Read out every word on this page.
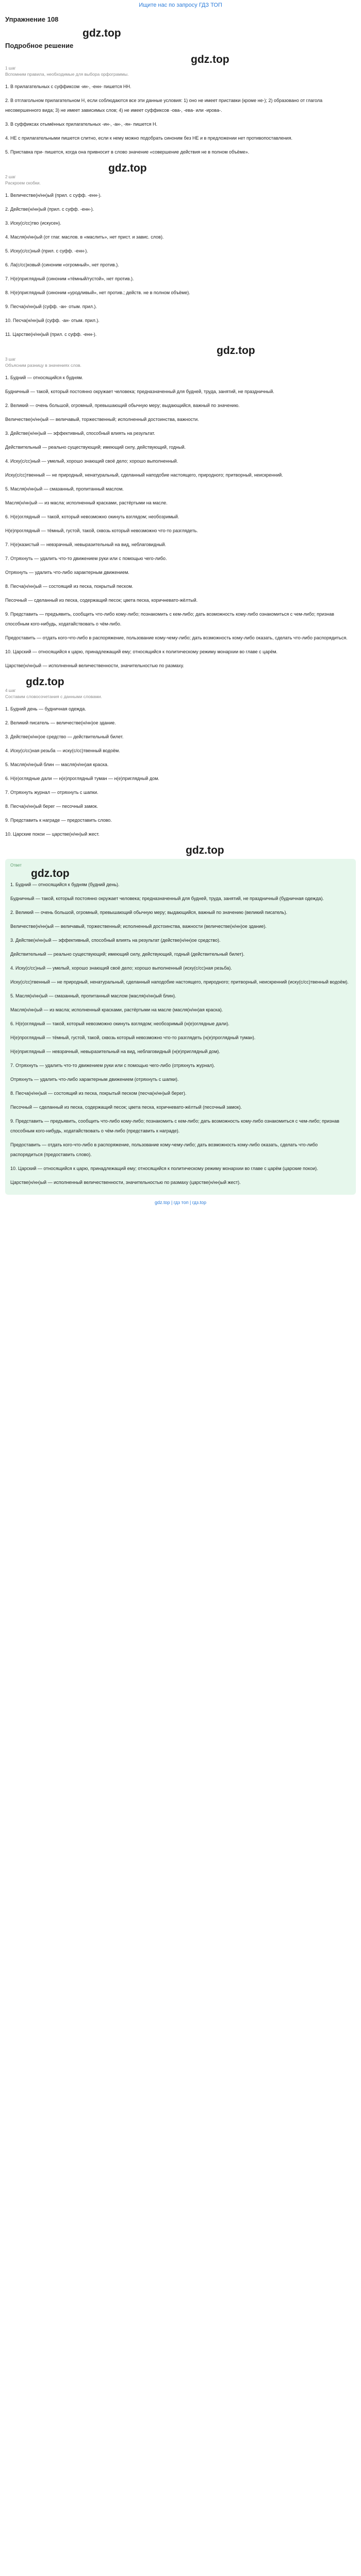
Ищите нас по запросу ГДЗ ТОП
Упражнение 108
gdz.top
Подробное решение
gdz.top
1 шаг
Вспомним правила, необходимые для выбора орфограммы.

1. В прилагательных с суффиксом -ин-, -енн- пишется НН.

2. В отглагольном прилагательном Н, если соблюдаются все эти данные условия: 1) оно не имеет приставки (кроме не-); 2) образовано от глагола несовершенного вида; 3) не имеет зависимых слов; 4) не имеет суффиксов -ова-, -ева- или -ирова-.

3. В суффиксах отымённых прилагательных -ин-, -ан-, -ян- пишется Н.

4. НЕ с прилагательными пишется слитно, если к нему можно подобрать синоним без НЕ и в предложении нет противопоставления.

5. Приставка при- пишется, когда она привносит в слово значение «совершение действия не в полном объёме».

gdz.top
2 шаг
Раскроем скобки.

1. Величестве(н/нн)ый (прил. с суфф. -енн-).

2. Действе(н/нн)ый (прил. с суфф. -енн-).

3. Иску(с/сс)тво (искусен).

4. Масля(н/нн)ый (от глаг. маслов. в «маслить», нет прист. и завис. слов).

5. Иску(с/сс)ный (прил. с суфф. -енн-).

6. Ла(с/сс)ковый (синоним «огромный», нет против.).

7. Н(е)приглядный (синоним «тёмный/густой», нет против.).

8. Н(е)приглядный (синоним «уродливый», нет против.; действ. не в полном объёме).

9. Песча(н/нн)ый (суфф. -ан- отым. прил.).

10. Песча(н/нн)ый (суфф. -ан- отым. прил.).

11. Царстве(н/нн)ый (прил. с суфф. -енн-).

gdz.top
3 шаг
Объясним разницу в значениях слов.

1. Будний — относящийся к будням.

Будничный — такой, который постоянно окружает человека; предназначенный для будней, труда, занятий, не праздничный.

2. Великий — очень большой, огромный, превышающий обычную меру; выдающийся, важный по значению.

Величестве(н/нн)ый — величавый, торжественный; исполненный достоинства, важности.

3. Действе(н/нн)ый — эффективный, способный влиять на результат.

Действительный — реально существующий; имеющий силу, действующий, годный.

4. Иску(с/сс)ный — умелый, хорошо знающий своё дело; хорошо выполненный.

Иску(с/сс)твенный — не природный, ненатуральный, сделанный наподобие настоящего, природного; притворный, неискренний.

5. Масля(н/нн)ый — смазанный, пропитанный маслом.

Масля(н/нн)ый — из масла; исполненный красками, растёртыми на масле.

6. Н(е)оглядный — такой, который невозможно окинуть взглядом; необозримый.

Н(е)проглядный — тёмный, густой, такой, сквозь который невозможно что-то разглядеть.

7. Н(е)казистый — невзрачный, невыразительный на вид, неблаговидный.

7. Отряхнуть — удалить что-то движением руки или с помощью чего-либо.

Отряхнуть — удалить что-либо характерным движением.

8. Песча(н/нн)ый — состоящий из песка, покрытый песком.

Песочный — сделанный из песка, содержащий песок; цвета песка, коричневато-жёлтый.

9. Представить — предъявить, сообщить что-либо кому-либо; познакомить с кем-либо; дать возможность кому-либо ознакомиться с чем-либо; признав способным кого-нибудь, ходатайствовать о чём-либо.

Предоставить — отдать кого-что-либо в распоряжение, пользование кому-чему-либо; дать возможность кому-либо оказать, сделать что-либо распорядиться.

10. Царский — относящийся к царю, принадлежащий ему; относящийся к политическому режиму монархии во главе с царём.

Царстве(н/нн)ый — исполненный величественности, значительностью по размаху.

gdz.top
4 шаг
Составим словосочетания с данными словами.

1. Будний день — будничная одежда.

2. Великий писатель — величестве(н/нн)ое здание.

3. Действе(н/нн)ое средство — действительный билет.

4. Иску(с/сс)ная резьба — иску(с/сс)твенный водоём.

5. Масля(н/нн)ый блин — масля(н/нн)ая краска.

6. Н(е)оглядные дали — н(е)проглядный туман — н(е)приглядный дом.

7. Отряхнуть журнал — отряхнуть с шапки.

8. Песча(н/нн)ый берег — песочный замок.

9. Представить к награде — предоставить слово.

10. Царские покои — царстве(н/нн)ый жест.

gdz.top
Ответ
gdz.top

1. Будний — относящийся к будням (будний день).

Будничный — такой, который постоянно окружает человека; предназначенный для будней, труда, занятий, не праздничный (будничная одежда).

2. Великий — очень большой, огромный, превышающий обычную меру; выдающийся, важный по значению (великий писатель).

Величестве(н/нн)ый — величавый, торжественный; исполненный достоинства, важности (величестве(н/нн)ое здание).

3. Действе(н/нн)ый — эффективный, способный влиять на результат (действе(н/нн)ое средство).

Действительный — реально существующий; имеющий силу, действующий, годный (действительный билет).

4. Иску(с/сс)ный — умелый, хорошо знающий своё дело; хорошо выполненный (иску(с/сс)ная резьба).

Иску(с/сс)твенный — не природный, ненатуральный, сделанный наподобие настоящего, природного; притворный, неискренний (иску(с/сс)твенный водоём).

5. Масля(н/нн)ый — смазанный, пропитанный маслом (масля(н/нн)ый блин).

Масля(н/нн)ый — из масла; исполненный красками, растёртыми на масле (масля(н/нн)ая краска).

6. Н(е)оглядный — такой, который невозможно окинуть взглядом; необозримый (н(е)оглядные дали).

Н(е)проглядный — тёмный, густой, такой, сквозь который невозможно что-то разглядеть (н(е)проглядный туман).

Н(е)приглядный — невзрачный, невыразительный на вид, неблаговидный (н(е)приглядный дом).

7. Отряхнуть — удалить что-то движением руки или с помощью чего-либо (отряхнуть журнал).

Отряхнуть — удалить что-либо характерным движением (отряхнуть с шапки).

8. Песча(н/нн)ый — состоящий из песка, покрытый песком (песча(н/нн)ый берег).

Песочный — сделанный из песка, содержащий песок; цвета песка, коричневато-жёлтый (песочный замок).

9. Представить — предъявить, сообщить что-либо кому-либо; познакомить с кем-либо; дать возможность кому-либо ознакомиться с чем-либо; признав способным кого-нибудь, ходатайствовать о чём-либо (представить к награде).

Предоставить — отдать кого-что-либо в распоряжение, пользование кому-чему-либо; дать возможность кому-либо оказать, сделать что-либо распорядиться (предоставить слово).

10. Царский — относящийся к царю, принадлежащий ему; относящийся к политическому режиму монархии во главе с царём (царские покои).

Царстве(н/нн)ый — исполненный величественности, значительностью по размаху (царстве(н/нн)ый жест).

gdz.top | гдз топ | гдз.top
